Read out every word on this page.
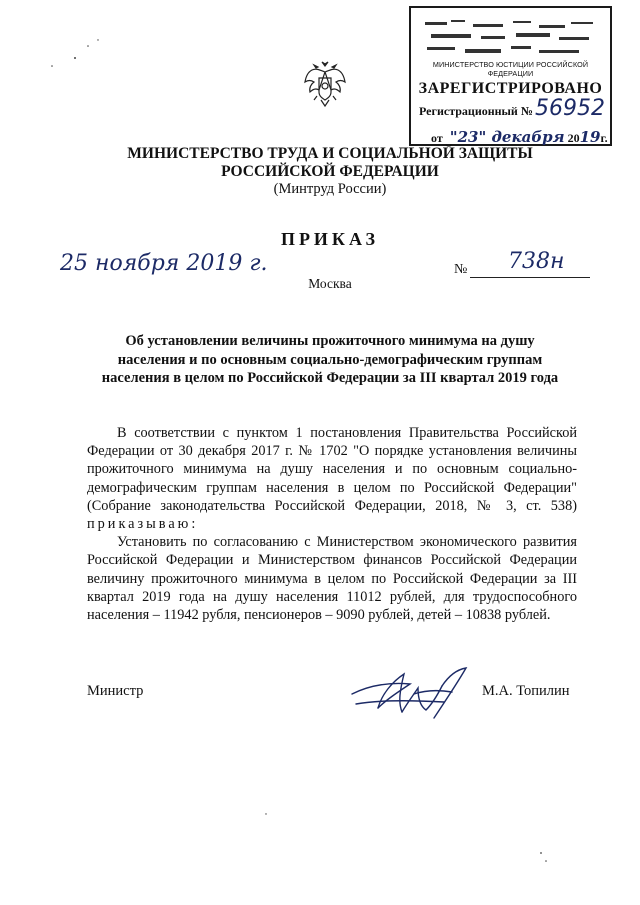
МИНИСТЕРСТВО ЮСТИЦИИ РОССИЙСКОЙ ФЕДЕРАЦИИ
ЗАРЕГИСТРИРОВАНО
Регистрационный № 56952
от "23" декабря 2019г.
МИНИСТЕРСТВО ТРУДА И СОЦИАЛЬНОЙ ЗАЩИТЫ
РОССИЙСКОЙ ФЕДЕРАЦИИ
(Минтруд России)
ПРИКАЗ
25 ноября 2019 г.	№ 738н
Москва
Об установлении величины прожиточного минимума на душу
населения и по основным социально-демографическим группам
населения в целом по Российской Федерации за III квартал 2019 года

В соответствии с пунктом 1 постановления Правительства Российской Федерации от 30 декабря 2017 г. № 1702 "О порядке установления величины прожиточного минимума на душу населения и по основным социально-демографическим группам населения в целом по Российской Федерации" (Собрание законодательства Российской Федерации, 2018, № 3, ст. 538) приказываю:

Установить по согласованию с Министерством экономического развития Российской Федерации и Министерством финансов Российской Федерации величину прожиточного минимума в целом по Российской Федерации за III квартал 2019 года на душу населения 11012 рублей, для трудоспособного населения – 11942 рубля, пенсионеров – 9090 рублей, детей – 10838 рублей.

Министр	М.А. Топилин
